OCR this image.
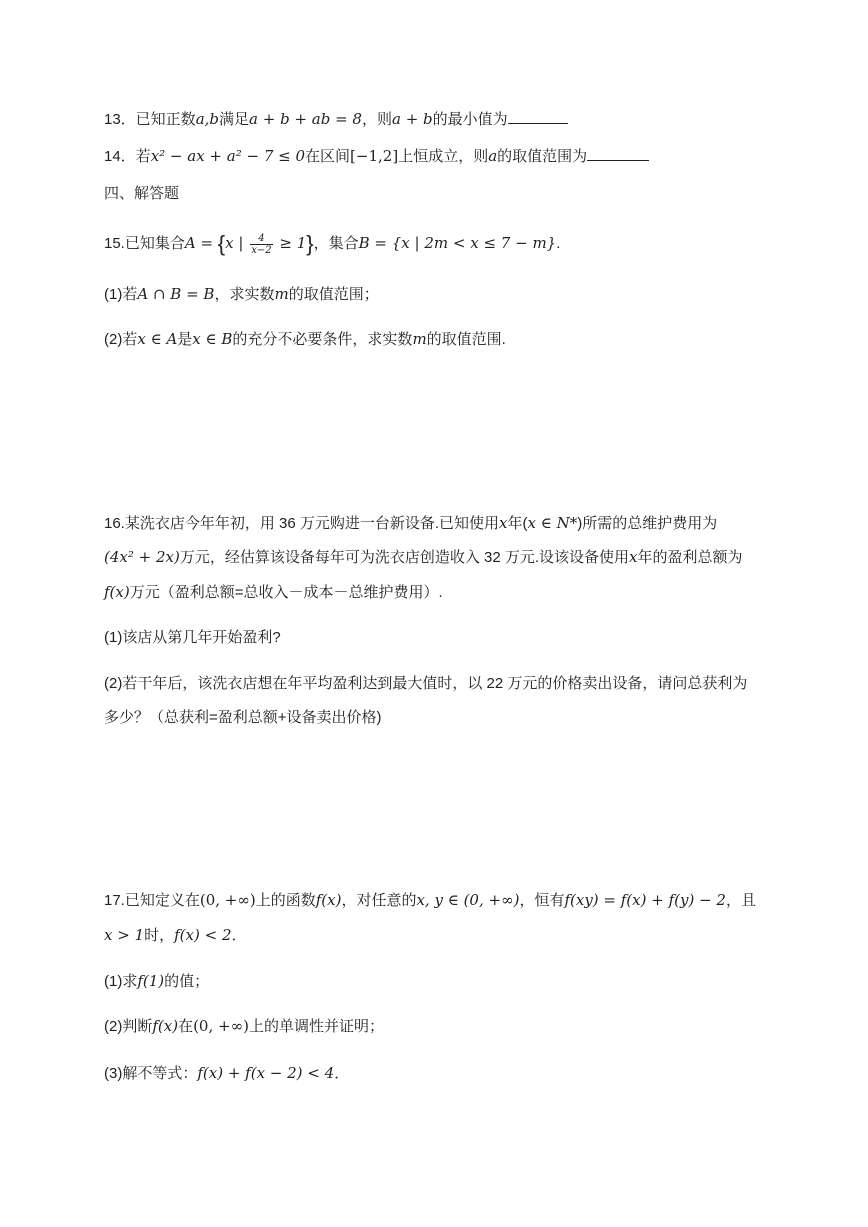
13．已知正数a,b满足a + b + ab = 8，则a + b的最小值为
14．若x² − ax + a² − 7 ≤ 0在区间[−1,2]上恒成立，则a的取值范围为
四、解答题
15.已知集合A = {x | $\frac{4}{x-2} \ge 1$}，集合B = {x | 2m < x ≤ 7 − m}.
(1)若A ∩ B = B，求实数m的取值范围；
(2)若x ∈ A是x ∈ B的充分不必要条件，求实数m的取值范围.
16.某洗衣店今年年初，用 36 万元购进一台新设备.已知使用x年(x ∈ N*)所需的总维护费用为
(4x² + 2x)万元，经估算该设备每年可为洗衣店创造收入 32 万元.设该设备使用x年的盈利总额为
f(x)万元（盈利总额=总收入－成本－总维护费用）.
(1)该店从第几年开始盈利?
(2)若干年后，该洗衣店想在年平均盈利达到最大值时，以 22 万元的价格卖出设备，请问总获利为
多少？（总获利=盈利总额+设备卖出价格)
17.已知定义在(0, +∞)上的函数f(x)，对任意的x, y ∈ (0, +∞)，恒有f(xy) = f(x) + f(y) − 2，且
x > 1时，f(x) < 2．
(1)求f(1)的值；
(2)判断f(x)在(0, +∞)上的单调性并证明；
(3)解不等式：f(x) + f(x − 2) < 4．
